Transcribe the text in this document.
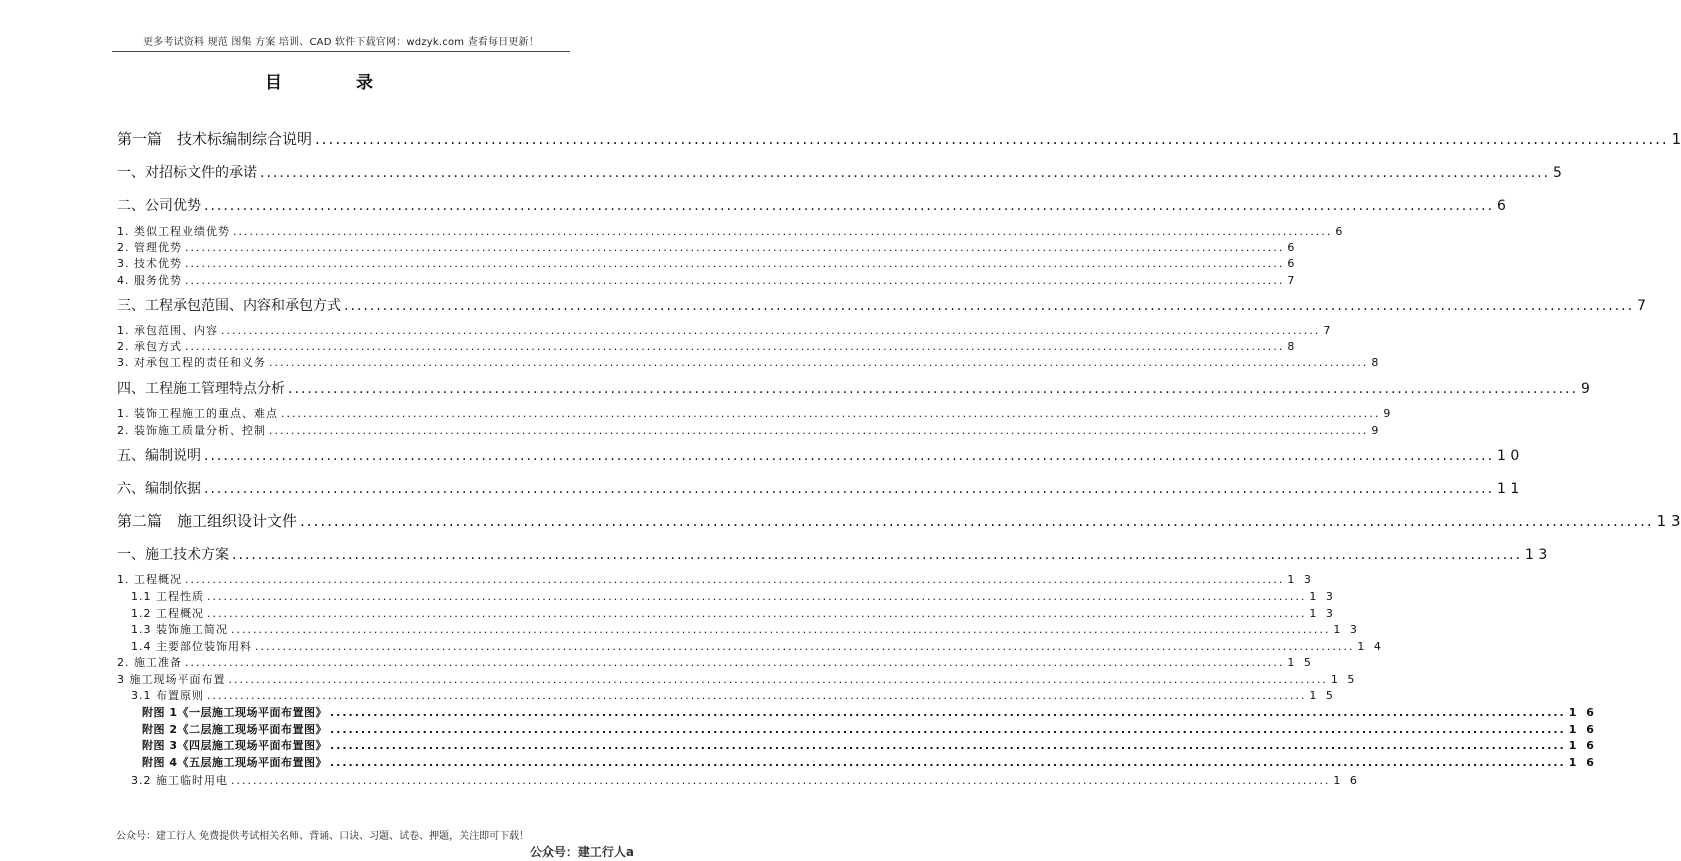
更多考试资料 规范 图集 方案 培训、CAD 软件下载官网：wdzyk.com 查看每日更新！
目录
第一篇　技术标编制综合说明 ........................................................................................................................................................................................................ 1
一、对招标文件的承诺 ........................................................................................................................................................................................................ 5
二、公司优势 ........................................................................................................................................................................................................ 6
1. 类似工程业绩优势 ........................................................................................................................................................................................................ 6
2. 管理优势 ........................................................................................................................................................................................................ 6
3. 技术优势 ........................................................................................................................................................................................................ 6
4. 服务优势 ........................................................................................................................................................................................................ 7
三、工程承包范围、内容和承包方式 ........................................................................................................................................................................................................ 7
1. 承包范围、内容 ........................................................................................................................................................................................................ 7
2. 承包方式 ........................................................................................................................................................................................................ 8
3. 对承包工程的责任和义务 ........................................................................................................................................................................................................ 8
四、工程施工管理特点分析 ........................................................................................................................................................................................................ 9
1. 装饰工程施工的重点、难点 ........................................................................................................................................................................................................ 9
2. 装饰施工质量分析、控制 ........................................................................................................................................................................................................ 9
五、编制说明 ........................................................................................................................................................................................................ 1 0
六、编制依据 ........................................................................................................................................................................................................ 1 1
第二篇　施工组织设计文件 ........................................................................................................................................................................................................ 1 3
一、施工技术方案 ........................................................................................................................................................................................................ 1 3
1. 工程概况 ........................................................................................................................................................................................................ 1 3
1.1 工程性质 ........................................................................................................................................................................................................ 1 3
1.2 工程概况 ........................................................................................................................................................................................................ 1 3
1.3 装饰施工简况 ........................................................................................................................................................................................................ 1 3
1.4 主要部位装饰用料 ........................................................................................................................................................................................................ 1 4
2. 施工准备 ........................................................................................................................................................................................................ 1 5
3 施工现场平面布置 ........................................................................................................................................................................................................ 1 5
3.1 布置原则 ........................................................................................................................................................................................................ 1 5
附图 1《一层施工现场平面布置图》 ........................................................................................................................................................................................................ 1 6
附图 2《二层施工现场平面布置图》 ........................................................................................................................................................................................................ 1 6
附图 3《四层施工现场平面布置图》 ........................................................................................................................................................................................................ 1 6
附图 4《五层施工现场平面布置图》 ........................................................................................................................................................................................................ 1 6
3.2 施工临时用电 ........................................................................................................................................................................................................ 1 6
公众号：建工行人 免费提供考试相关名师、背诵、口诀、习题、试卷、押题，关注即可下载！
公众号：建工行人a
